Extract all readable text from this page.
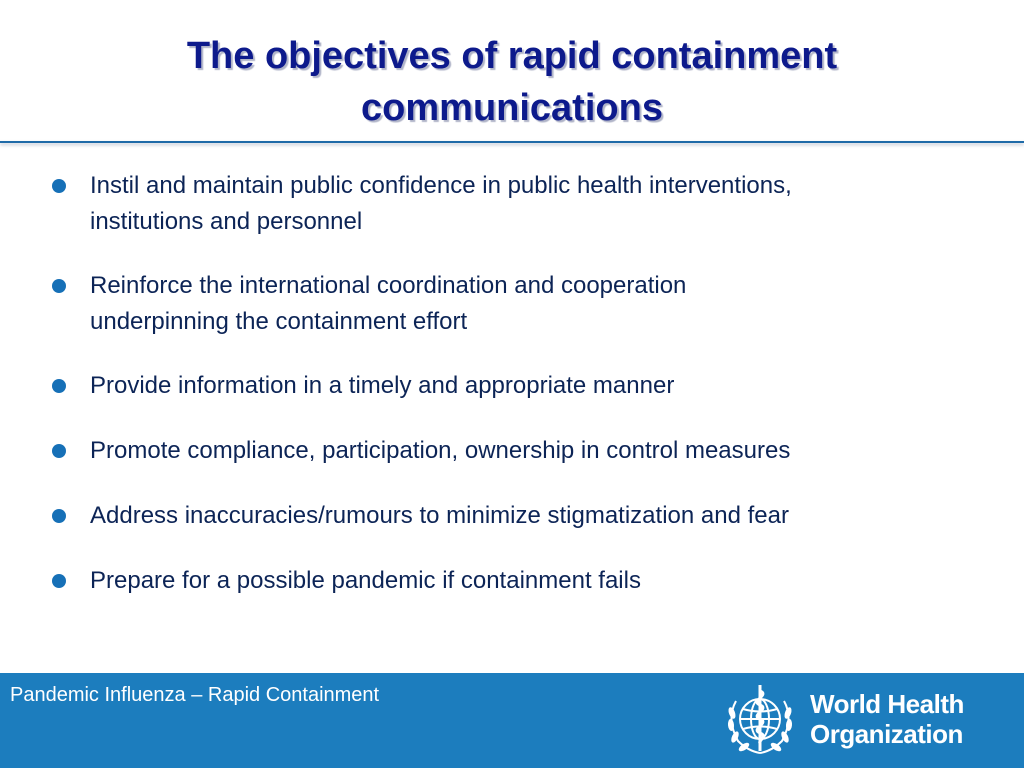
The objectives of rapid containment
communications
Instil and maintain public confidence in public health interventions,
institutions and personnel
Reinforce the international coordination and cooperation
underpinning the containment effort
Provide information in a timely and appropriate manner
Promote compliance, participation, ownership in control measures
Address inaccuracies/rumours to minimize stigmatization and fear
Prepare for a possible pandemic if containment fails
Pandemic Influenza – Rapid Containment	World Health
Organization
